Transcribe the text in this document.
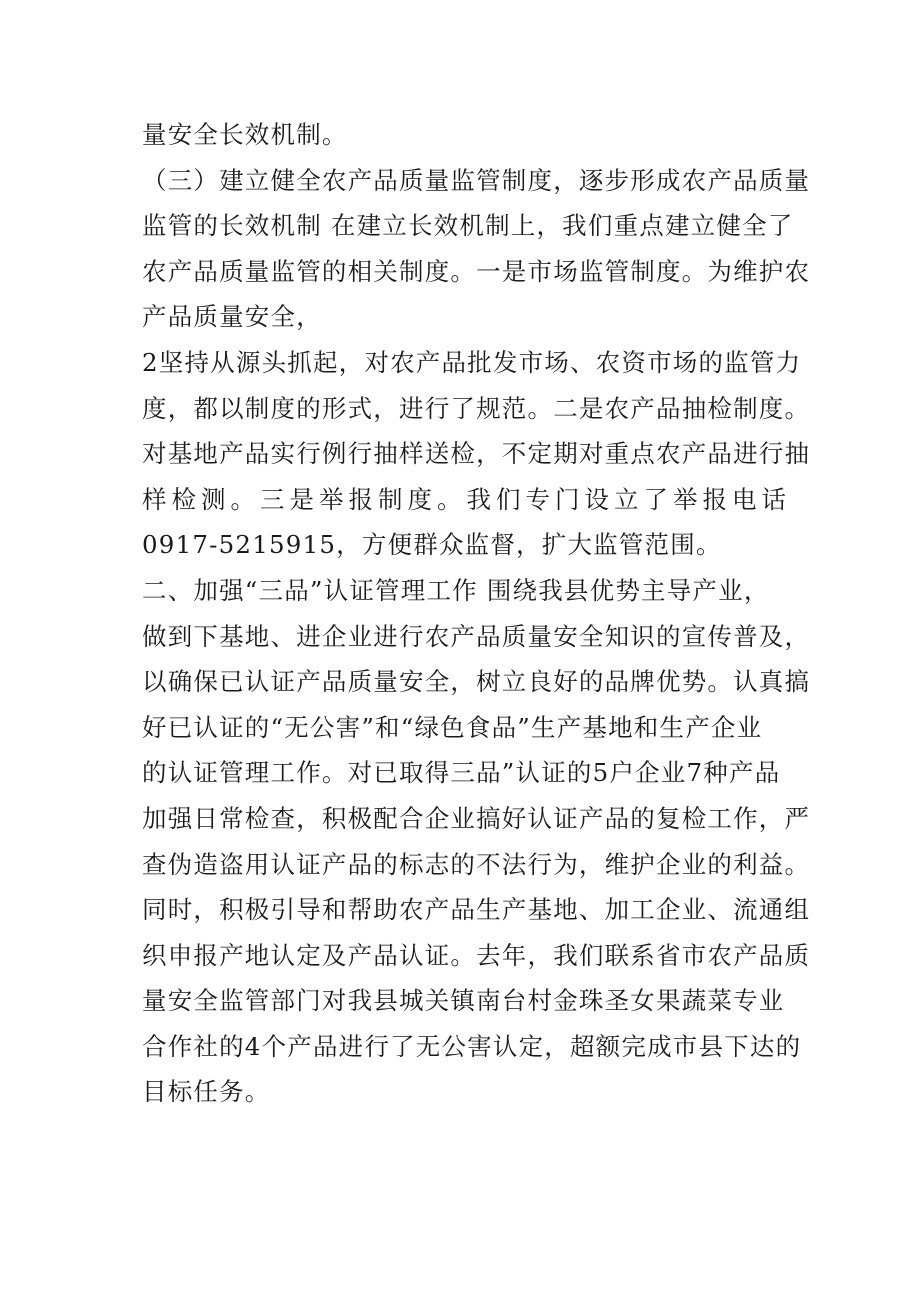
量安全长效机制。
（三）建立健全农产品质量监管制度，逐步形成农产品质量
监管的长效机制 在建立长效机制上，我们重点建立健全了
农产品质量监管的相关制度。一是市场监管制度。为维护农
产品质量安全，
2坚持从源头抓起，对农产品批发市场、农资市场的监管力
度，都以制度的形式，进行了规范。二是农产品抽检制度。
对基地产品实行例行抽样送检，不定期对重点农产品进行抽
样检测。三是举报制度。我们专门设立了举报电话
0917-5215915，方便群众监督，扩大监管范围。
二、加强“三品”认证管理工作 围绕我县优势主导产业，
做到下基地、进企业进行农产品质量安全知识的宣传普及，
以确保已认证产品质量安全，树立良好的品牌优势。认真搞
好已认证的“无公害”和“绿色食品”生产基地和生产企业
的认证管理工作。对已取得三品”认证的5户企业7种产品
加强日常检查，积极配合企业搞好认证产品的复检工作，严
查伪造盗用认证产品的标志的不法行为，维护企业的利益。
同时，积极引导和帮助农产品生产基地、加工企业、流通组
织申报产地认定及产品认证。去年，我们联系省市农产品质
量安全监管部门对我县城关镇南台村金珠圣女果蔬菜专业
合作社的4个产品进行了无公害认定，超额完成市县下达的
目标任务。
